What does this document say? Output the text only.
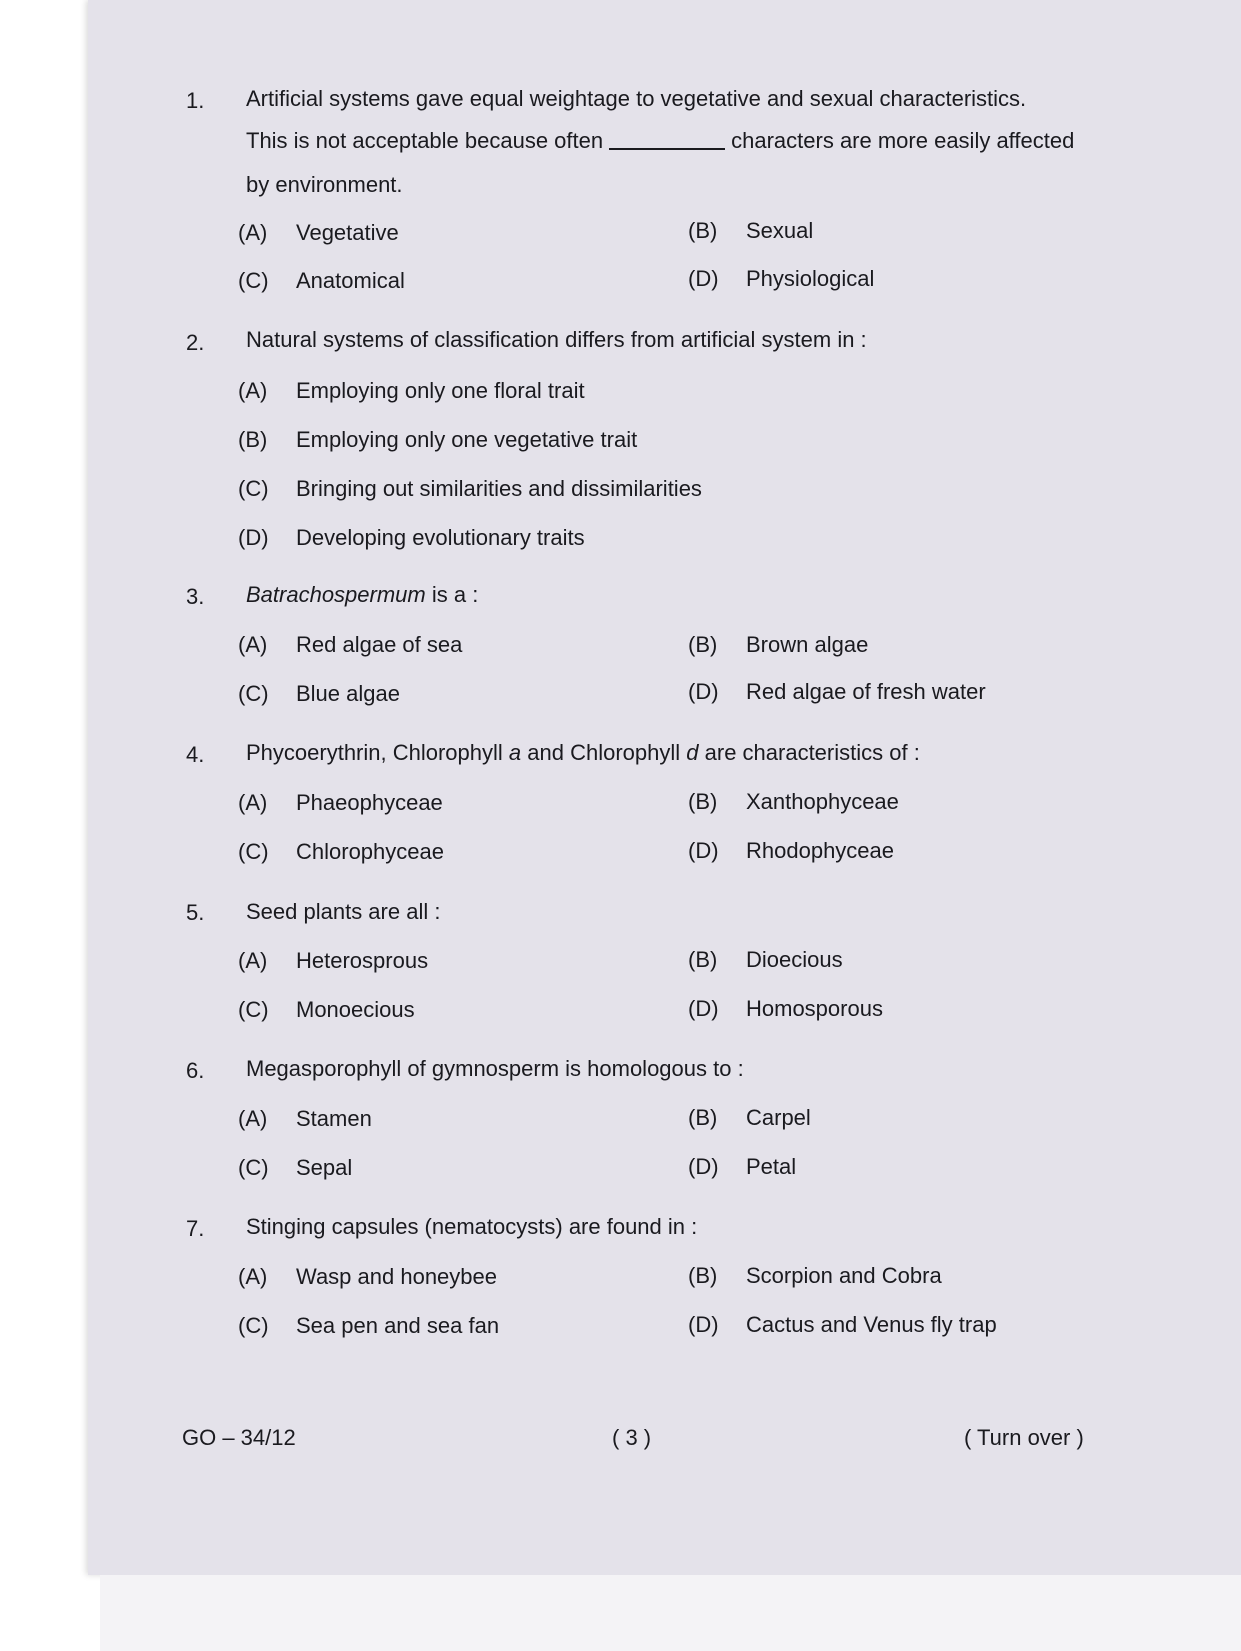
1. Artificial systems gave equal weightage to vegetative and sexual characteristics.
This is not acceptable because often	characters are more easily affected
by environment.
(A) Vegetative	(B) Sexual
(C) Anatomical	(D) Physiological
2. Natural systems of classification differs from artificial system in :
(A) Employing only one floral trait
(B) Employing only one vegetative trait
(C) Bringing out similarities and dissimilarities
(D) Developing evolutionary traits
3. Batrachospermum is a :
(A) Red algae of sea	(B) Brown algae
(C) Blue algae	(D) Red algae of fresh water
4. Phycoerythrin, Chlorophyll a and Chlorophyll d are characteristics of :
(A) Phaeophyceae	(B) Xanthophyceae
(C) Chlorophyceae	(D) Rhodophyceae
5. Seed plants are all :
(A) Heterosprous	(B) Dioecious
(C) Monoecious	(D) Homosporous
6. Megasporophyll of gymnosperm is homologous to :
(A) Stamen	(B) Carpel
(C) Sepal	(D) Petal
7. Stinging capsules (nematocysts) are found in :
(A) Wasp and honeybee	(B) Scorpion and Cobra
(C) Sea pen and sea fan	(D) Cactus and Venus fly trap
GO – 34/12	( 3 )	( Turn over )
